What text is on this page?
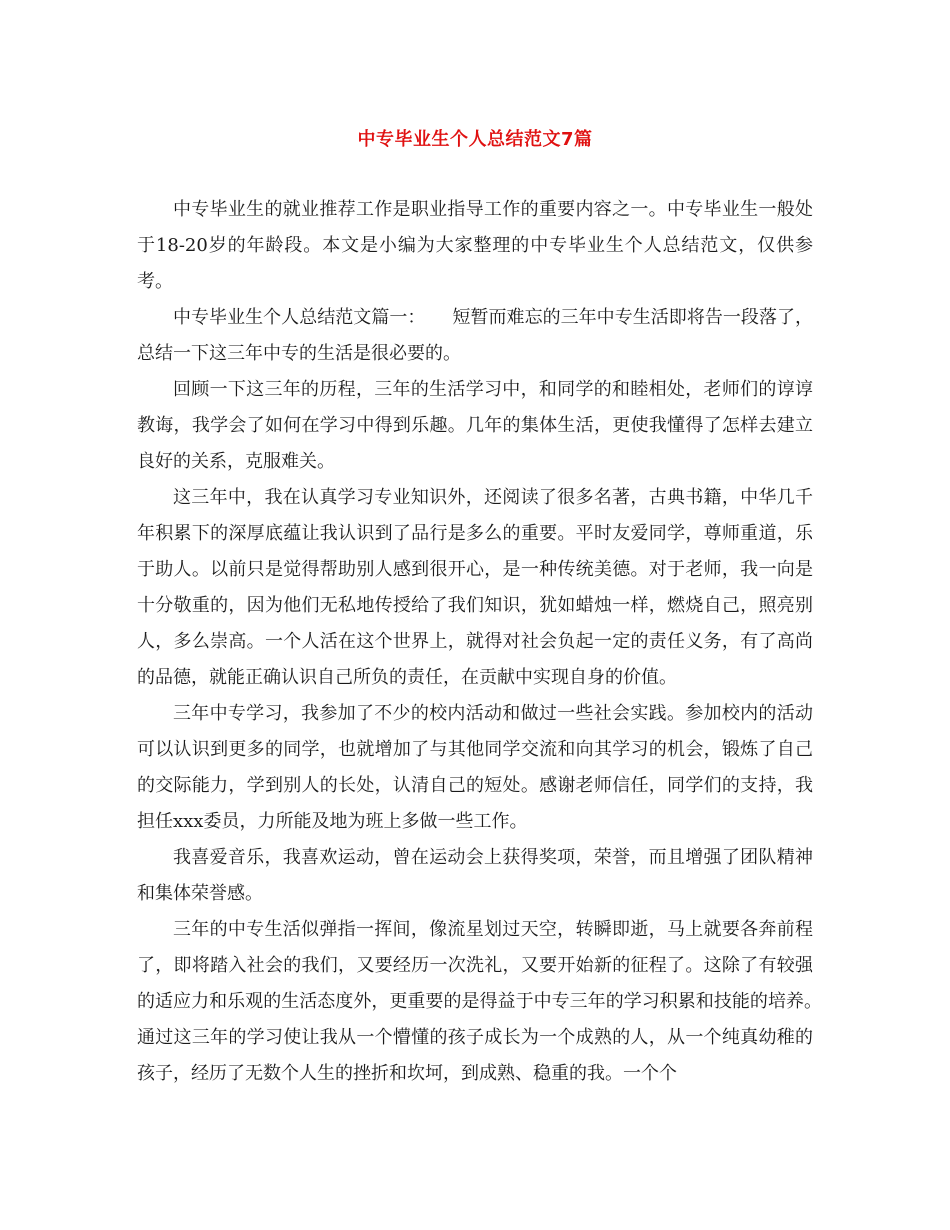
中专毕业生个人总结范文7篇

中专毕业生的就业推荐工作是职业指导工作的重要内容之一。中专毕业生一般处于18-20岁的年龄段。本文是小编为大家整理的中专毕业生个人总结范文，仅供参考。

中专毕业生个人总结范文篇一：　　短暂而难忘的三年中专生活即将告一段落了，总结一下这三年中专的生活是很必要的。

回顾一下这三年的历程，三年的生活学习中，和同学的和睦相处，老师们的谆谆教诲，我学会了如何在学习中得到乐趣。几年的集体生活，更使我懂得了怎样去建立良好的关系，克服难关。

这三年中，我在认真学习专业知识外，还阅读了很多名著，古典书籍，中华几千年积累下的深厚底蕴让我认识到了品行是多么的重要。平时友爱同学，尊师重道，乐于助人。以前只是觉得帮助别人感到很开心，是一种传统美德。对于老师，我一向是十分敬重的，因为他们无私地传授给了我们知识，犹如蜡烛一样，燃烧自己，照亮别人，多么崇高。一个人活在这个世界上，就得对社会负起一定的责任义务，有了高尚的品德，就能正确认识自己所负的责任，在贡献中实现自身的价值。

三年中专学习，我参加了不少的校内活动和做过一些社会实践。参加校内的活动可以认识到更多的同学，也就增加了与其他同学交流和向其学习的机会，锻炼了自己的交际能力，学到别人的长处，认清自己的短处。感谢老师信任，同学们的支持，我担任xxx委员，力所能及地为班上多做一些工作。

我喜爱音乐，我喜欢运动，曾在运动会上获得奖项，荣誉，而且增强了团队精神和集体荣誉感。

三年的中专生活似弹指一挥间，像流星划过天空，转瞬即逝，马上就要各奔前程了，即将踏入社会的我们，又要经历一次洗礼，又要开始新的征程了。这除了有较强的适应力和乐观的生活态度外，更重要的是得益于中专三年的学习积累和技能的培养。　通过这三年的学习使让我从一个懵懂的孩子成长为一个成熟的人，从一个纯真幼稚的孩子，经历了无数个人生的挫折和坎坷，到成熟、稳重的我。一个个
